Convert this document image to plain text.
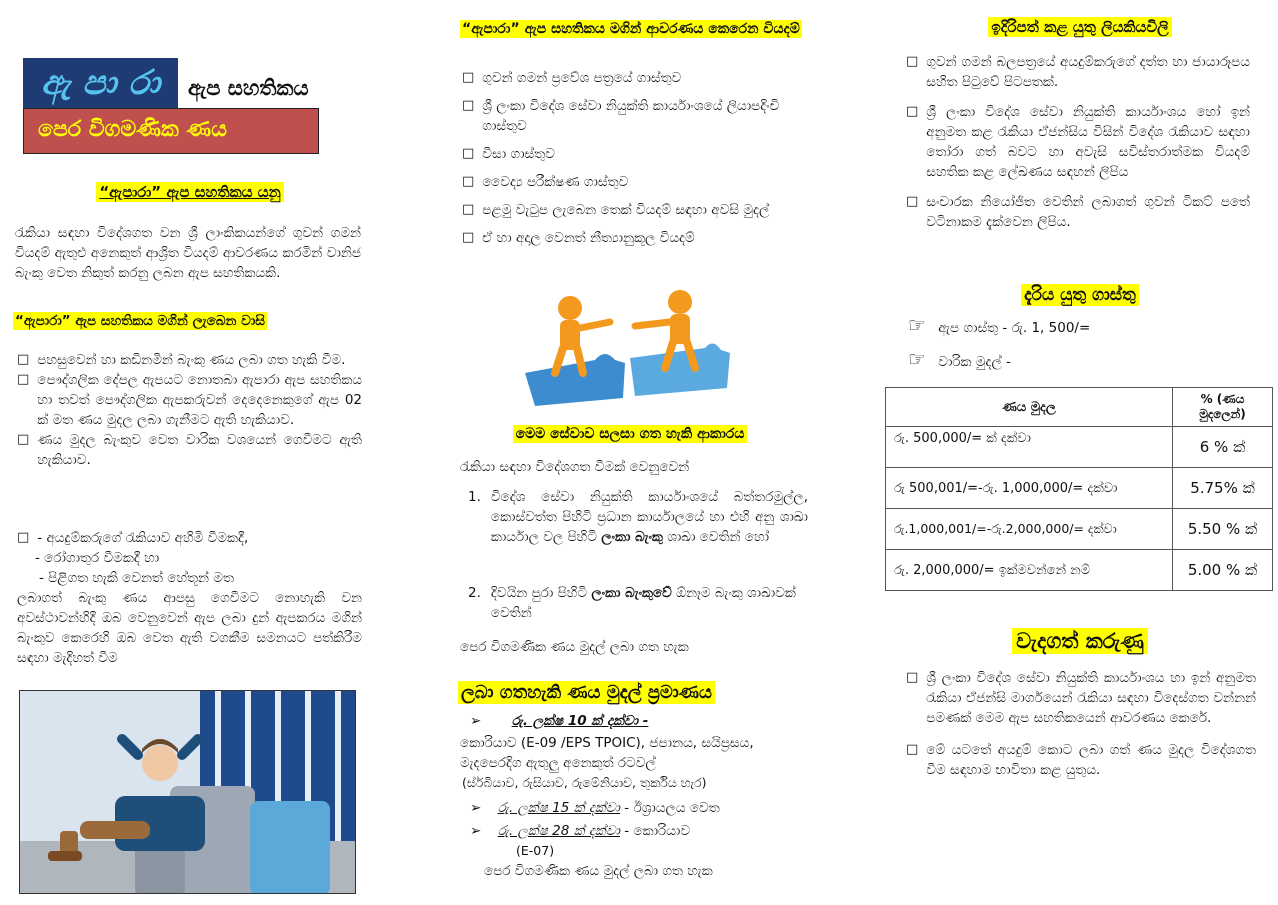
ඇ පා රා	ඇප සහතිකය
පෙර විගමණික ණය
“ඇපාරා” ඇප සහතිකය යනු
රැකියා සඳහා විදේශගත වන ශ්‍රී ලාංකිකයන්ගේ ගුවන් ගමන් වියදම් ඇතුළු අනෙකුත් ආශ්‍රිත වියදම් ආවරණය කරමින් වානිජ බැංකු වෙත නිකුත් කරනු ලබන ඇප සහතිකයකි.
“ඇපාරා” ඇප සහතිකය මගින් ලැබෙන වාසි
□ පහසුවෙන් හා කඩිනමින් බැංකු ණය ලබා ගත හැකි වීම.
□ පෞද්ගලික දේපල ඇපයට නොතබා ඇපාරා ඇප සහතිකය හා තවත් පෞද්ගලික ඇපකරුවන් දෙදෙනෙකුගේ ඇප 02 ක් මත ණය මුදල ලබා ගැනීමට ඇති හැකියාව.
□ ණය මුදල බැංකුව වෙත වාරික වශයෙන් ගෙවීමට ඇති හැකියාව.
□ - අයදුම්කරුගේ රැකියාව අහිමි වීමකදී,
- රෝගාතුර වීමකදී හා
- පිළිගත හැකි වෙනත් හේතූන් මත
ලබාගත් බැංකු ණය ආපසු ගෙවීමට නොහැකි වන අවස්ථාවන්හිදී ඔබ වෙනුවෙන් ඇප ලබා දුන් ඇපකරය මගින් බැංකුව කෙරෙහි ඔබ වෙත ඇති වගකීම සමනයට පත්කිරීම සඳහා මැදිහත් වීම
“ඇපාරා” ඇප සහතිකය මගින් ආවරණය කෙරෙන වියදම්
□ ගුවන් ගමන් ප්‍රවේශ පත්‍රයේ ගාස්තුව
□ ශ්‍රී ලංකා විදේශ සේවා නියුක්ති කාර්යාංශයේ ලියාපදිංචි ගාස්තුව
□ වීසා ගාස්තුව
□ වෛද්‍ය පරීක්ෂණ ගාස්තුව
□ පළමු වැටුප ලැබෙන තෙක් වියදම් සඳහා අවසි මුදල්
□ ඒ හා අදාල වෙනත් නීත්‍යානුකූල වියදම්
මෙම සේවාව සලසා ගත හැකි ආකාරය
රැකියා සඳහා විදේශගත වීමක් වෙනුවෙන්
1. විදේශ සේවා නියුක්ති කාර්යාංශයේ බත්තරමුල්ල, කොස්වත්ත පිහිටි ප්‍රධාන කාර්යාලයේ හා එහි අනු ශාඛා කාර්යාල වල පිහිටි ලංකා බැංකු ශාඛා වෙතින් හෝ
2. දිවයින පුරා පිහිටි ලංකා බැංකුවේ ඕනෑම බැංකු ශාඛාවක් වෙතින්
පෙර විගමණික ණය මුදල් ලබා ගත හැක
ලබා ගතහැකි ණය මුදල් ප්‍රමාණය
➢ රු. ලක්ෂ 10 ක් දක්වා -
කොරියාව (E-09 /EPS TPOIC), ජපානය, සයිප්‍රසය, මැදපෙරදිග ඇතුලු අනෙකුත් රටවල්
(ස්ර්බියාව, රුසියාව, රුමේනියාව, තුර්කිය හැර)
➢ රු. ලක්ෂ 15 ක් දක්වා - ඊශ්‍රායලය වෙත
➢ රු. ලක්ෂ 28 ක් දක්වා - කොරියාව
(E-07)
පෙර විගමණික ණය මුදල් ලබා ගත හැක
ඉදිරිපත් කළ යුතු ලියකියවිලි
□ ගුවන් ගමන් බලපත්‍රයේ අයදුම්කරුගේ දත්ත හා ජායාරූපය සහිත පිටුවේ පිටපතක්.
□ ශ්‍රී ලංකා විදේශ සේවා නියුක්ති කාර්යාංශය හෝ ඉන් අනුමත කළ රැකියා ඒජන්සිය විසින් විදේශ රැකියාව සඳහා තෝරා ගත් බවට හා අවැසි සවිස්තරාත්මක වියදම් සහතික කළ ලේඛණය සඳහන් ලිපිය
□ සංචාරක නියෝජිත වෙතින් ලබාගත් ගුවන් ටිකට් පතේ වටිනාකම දැක්වෙන ලිපිය.
දැරිය යුතු ගාස්තු
☞ ඇප ගාස්තු - රු. 1, 500/=
☞ වාරික මුදල් -
ණය මුදල	% (ණය මුදලෙන්)
රු. 500,000/= ක් දක්වා	6 % ක්
රු 500,001/=-රු. 1,000,000/= දක්වා	5.75% ක්
රු.1,000,001/=-රු.2,000,000/= දක්වා	5.50 % ක්
රු. 2,000,000/= ඉක්මවන්නේ නම්	5.00 % ක්
වැදගත් කරුණු
□ ශ්‍රී ලංකා විදේශ සේවා නියුක්ති කාර්යාංශය හා ඉන් අනුමත රැකියා ඒජන්සි මාර්ගයෙන් රැකියා සඳහා විදෙස්ගත වන්නන් පමණක් මෙම ඇප සහතිකයෙන් ආවරණය කෙරේ.
□ මේ යටතේ අයදුම් කොට ලබා ගත් ණය මුදල විදේශගත වීම සඳහාම භාවිතා කළ යුතුය.
